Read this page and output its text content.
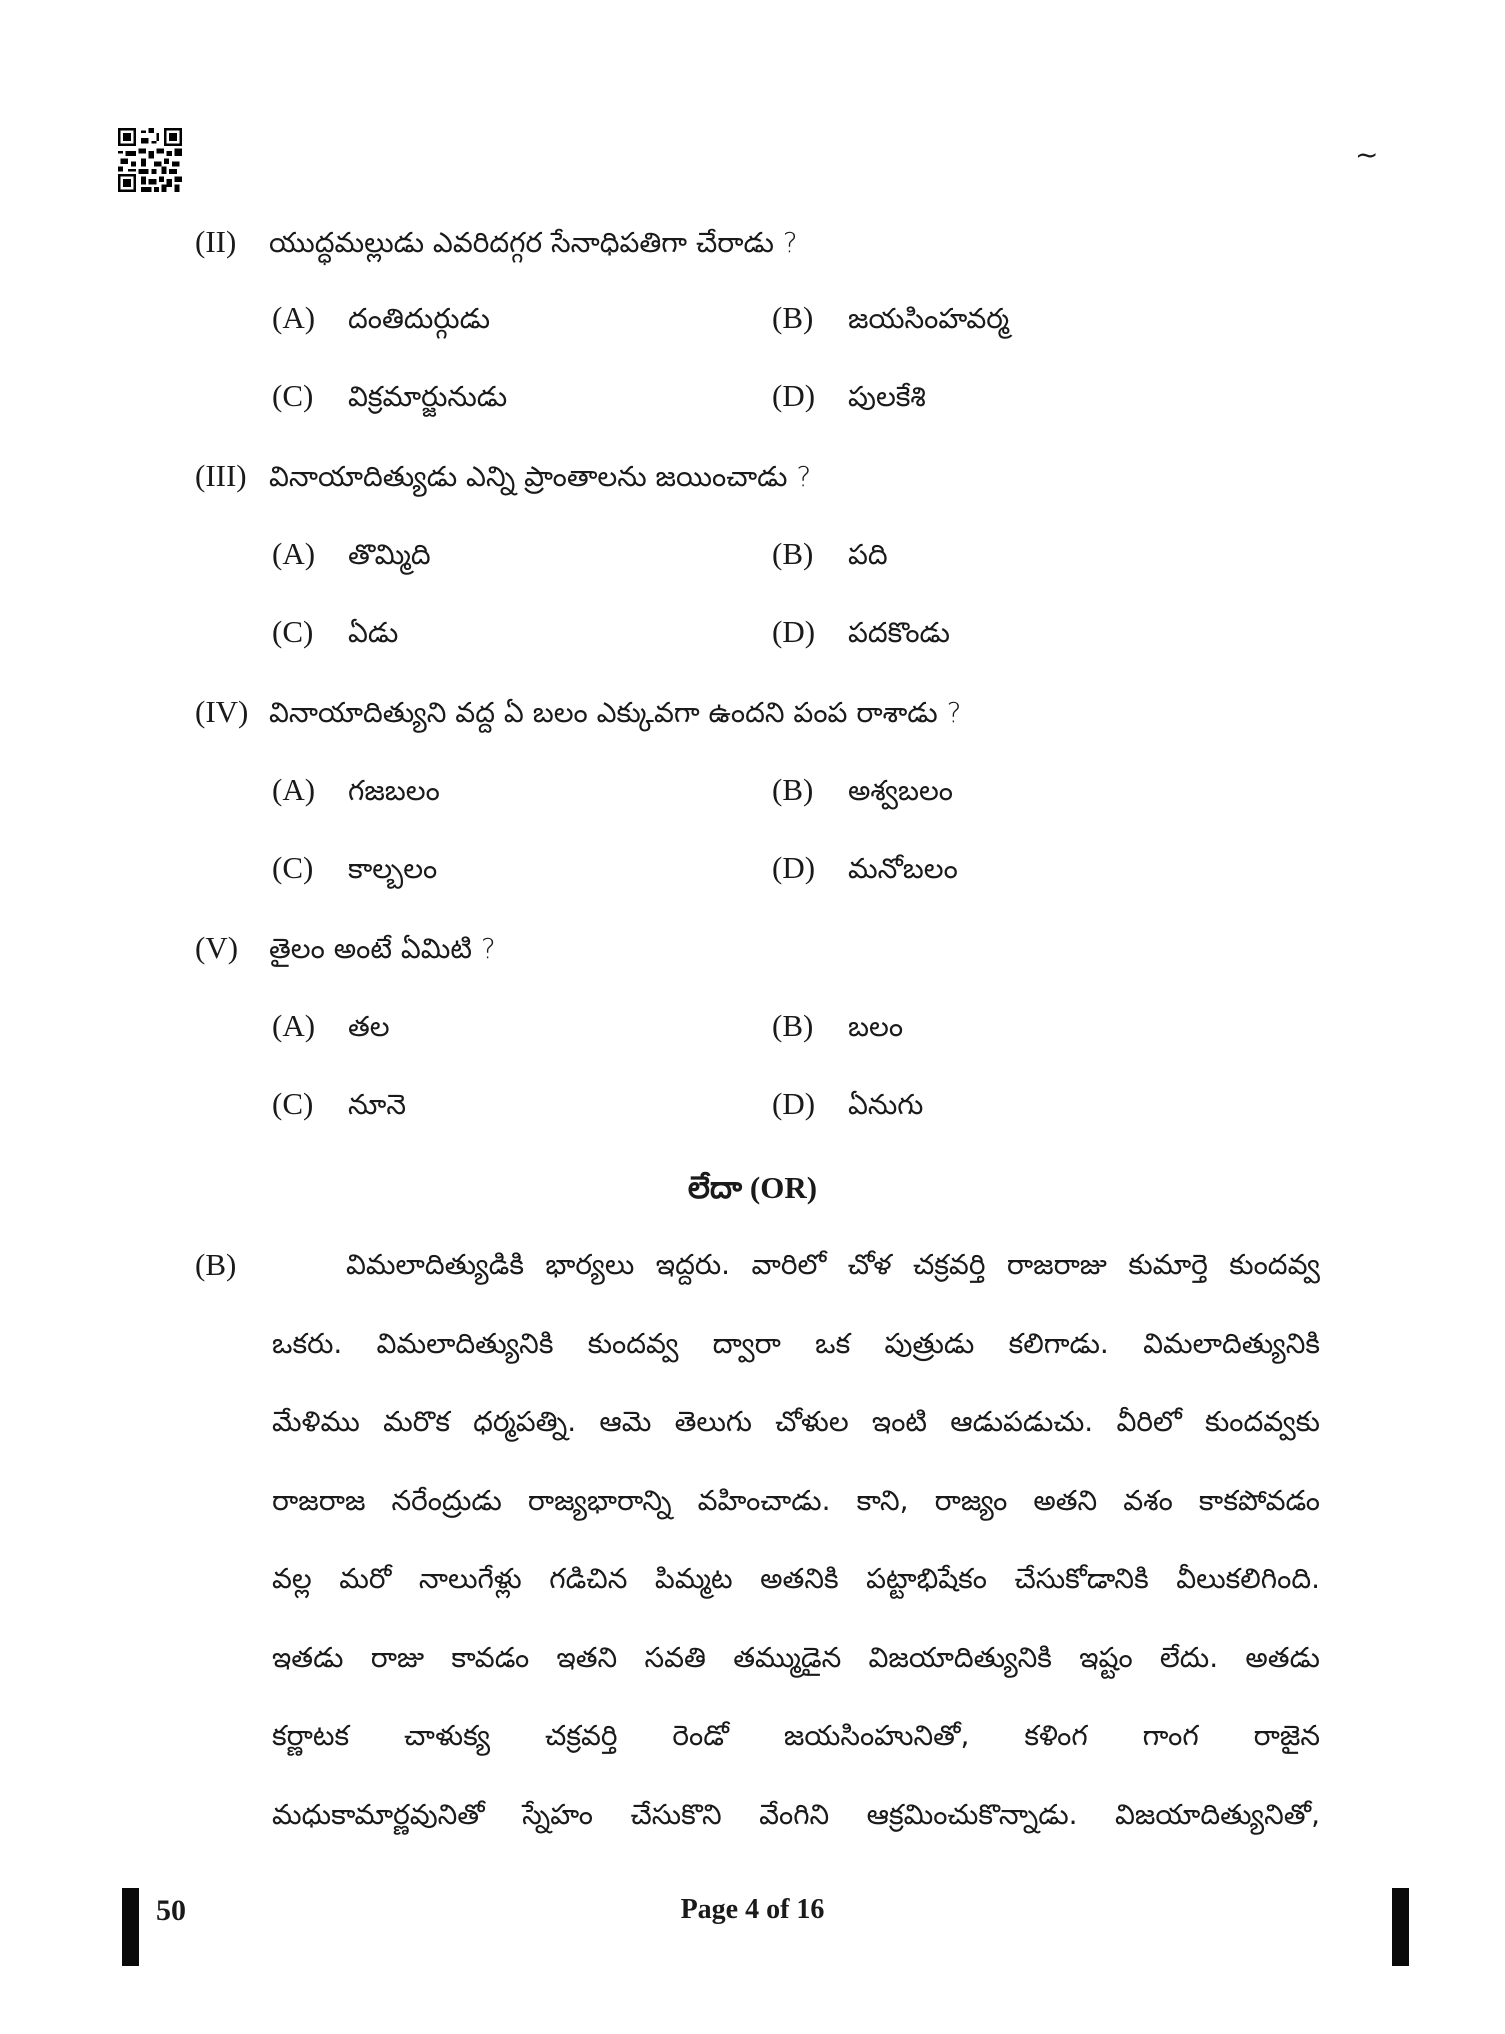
~
(II) యుద్ధమల్లుడు ఎవరిదగ్గర సేనాధిపతిగా చేరాడు ?
(A) దంతిదుర్గుడు	(B) జయసింహవర్మ
(C) విక్రమార్జునుడు	(D) పులకేశి
(III) వినాయాదిత్యుడు ఎన్ని ప్రాంతాలను జయించాడు ?
(A) తొమ్మిది	(B) పది
(C) ఏడు	(D) పదకొండు
(IV) వినాయాదిత్యుని వద్ద ఏ బలం ఎక్కువగా ఉందని పంప రాశాడు ?
(A) గజబలం	(B) అశ్వబలం
(C) కాల్బలం	(D) మనోబలం
(V) తైలం అంటే ఏమిటి ?
(A) తల	(B) బలం
(C) నూనె	(D) ఏనుగు
లేదా (OR)
(B)	విమలాదిత్యుడికి భార్యలు ఇద్దరు. వారిలో చోళ చక్రవర్తి రాజరాజు కుమార్తె కుందవ్వ
ఒకరు. విమలాదిత్యునికి కుందవ్వ ద్వారా ఒక పుత్రుడు కలిగాడు. విమలాదిత్యునికి
మేళిము మరొక ధర్మపత్ని. ఆమె తెలుగు చోళుల ఇంటి ఆడుపడుచు. వీరిలో కుందవ్వకు
రాజరాజ నరేంద్రుడు రాజ్యభారాన్ని వహించాడు. కాని, రాజ్యం అతని వశం కాకపోవడం
వల్ల మరో నాలుగేళ్లు గడిచిన పిమ్మట అతనికి పట్టాభిషేకం చేసుకోడానికి వీలుకలిగింది.
ఇతడు రాజు కావడం ఇతని సవతి తమ్ముడైన విజయాదిత్యునికి ఇష్టం లేదు. అతడు
కర్ణాటక చాళుక్య చక్రవర్తి రెండో జయసింహునితో, కళింగ గాంగ రాజైన
మధుకామార్ణవునితో స్నేహం చేసుకొని వేంగిని ఆక్రమించుకొన్నాడు. విజయాదిత్యునితో,
50	Page 4 of 16
